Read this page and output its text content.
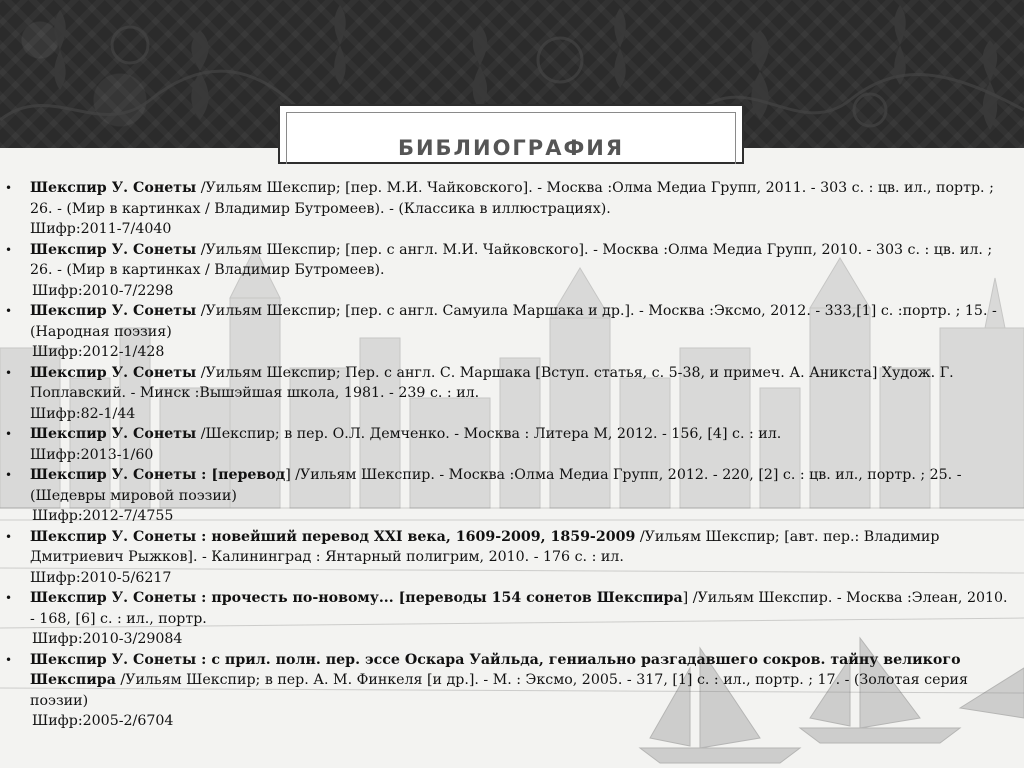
БИБЛИОГРАФИЯ
• Шекспир У. Сонеты /Уильям Шекспир; [пер. М.И. Чайковского]. - Москва :Олма Медиа Групп, 2011. - 303 с. : цв. ил., портр. ; 26. - (Мир в картинках / Владимир Бутромеев). - (Классика в иллюстрациях).
Шифр:2011-7/4040
• Шекспир У. Сонеты /Уильям Шекспир; [пер. с англ. М.И. Чайковского]. - Москва :Олма Медиа Групп, 2010. - 303 с. : цв. ил. ; 26. - (Мир в картинках / Владимир Бутромеев).
Шифр:2010-7/2298
• Шекспир У. Сонеты /Уильям Шекспир; [пер. с англ. Самуила Маршака и др.]. - Москва :Эксмо, 2012. - 333,[1] с. :портр. ; 15. - (Народная поэзия)
Шифр:2012-1/428
• Шекспир У. Сонеты /Уильям Шекспир; Пер. с англ. С. Маршака [Вступ. статья, с. 5-38, и примеч. А. Аникста] Худож. Г. Поплавский. - Минск :Вышэйшая школа, 1981. - 239 с. : ил.
Шифр:82-1/44
• Шекспир У. Сонеты /Шекспир; в пер. О.Л. Демченко. - Москва : Литера М, 2012. - 156, [4] с. : ил.
Шифр:2013-1/60
• Шекспир У. Сонеты : [перевод] /Уильям Шекспир. - Москва :Олма Медиа Групп, 2012. - 220, [2] с. : цв. ил., портр. ; 25. - (Шедевры мировой поэзии)
Шифр:2012-7/4755
• Шекспир У. Сонеты : новейший перевод XXI века, 1609-2009, 1859-2009 /Уильям Шекспир; [авт. пер.: Владимир Дмитриевич Рыжков]. - Калининград : Янтарный полигрим, 2010. - 176 с. : ил.
Шифр:2010-5/6217
• Шекспир У. Сонеты : прочесть по-новому... [переводы 154 сонетов Шекспира] /Уильям Шекспир. - Москва :Элеан, 2010. - 168, [6] с. : ил., портр.
Шифр:2010-3/29084
• Шекспир У. Сонеты : с прил. полн. пер. эссе Оскара Уайльда, гениально разгадавшего сокров. тайну великого Шекспира /Уильям Шекспир; в пер. А. М. Финкеля [и др.]. - М. : Эксмо, 2005. - 317, [1] с. : ил., портр. ; 17. - (Золотая серия поэзии)
Шифр:2005-2/6704
